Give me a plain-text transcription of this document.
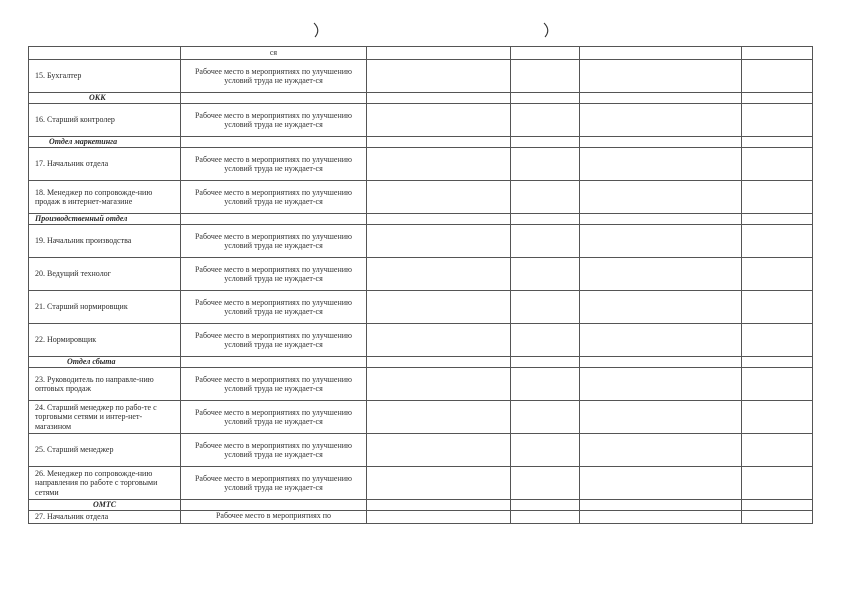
	ся				
15. Бухгалтер	Рабочее место в мероприятиях по улучшению условий труда не нуждает-ся				
ОКК					
16. Старший контролер	Рабочее место в мероприятиях по улучшению условий труда не нуждает-ся				
Отдел маркетинга					
17. Начальник отдела	Рабочее место в мероприятиях по улучшению условий труда не нуждает-ся				
18. Менеджер по сопровожде-нию продаж в интернет-магазине	Рабочее место в мероприятиях по улучшению условий труда не нуждает-ся				
Производственный отдел					
19. Начальник производства	Рабочее место в мероприятиях по улучшению условий труда не нуждает-ся				
20. Ведущий технолог	Рабочее место в мероприятиях по улучшению условий труда не нуждает-ся				
21. Старший нормировщик	Рабочее место в мероприятиях по улучшению условий труда не нуждает-ся				
22. Нормировщик	Рабочее место в мероприятиях по улучшению условий труда не нуждает-ся				
Отдел сбыта					
23. Руководитель по направле-нию оптовых продаж	Рабочее место в мероприятиях по улучшению условий труда не нуждает-ся				
24. Старший менеджер по рабо-те с торговыми сетями и интер-нет-магазином	Рабочее место в мероприятиях по улучшению условий труда не нуждает-ся				
25. Старший менеджер	Рабочее место в мероприятиях по улучшению условий труда не нуждает-ся				
26. Менеджер по сопровожде-нию направления по работе с торговыми сетями	Рабочее место в мероприятиях по улучшению условий труда не нуждает-ся				
ОМТС					
27. Начальник отдела	Рабочее место в мероприятиях по				
